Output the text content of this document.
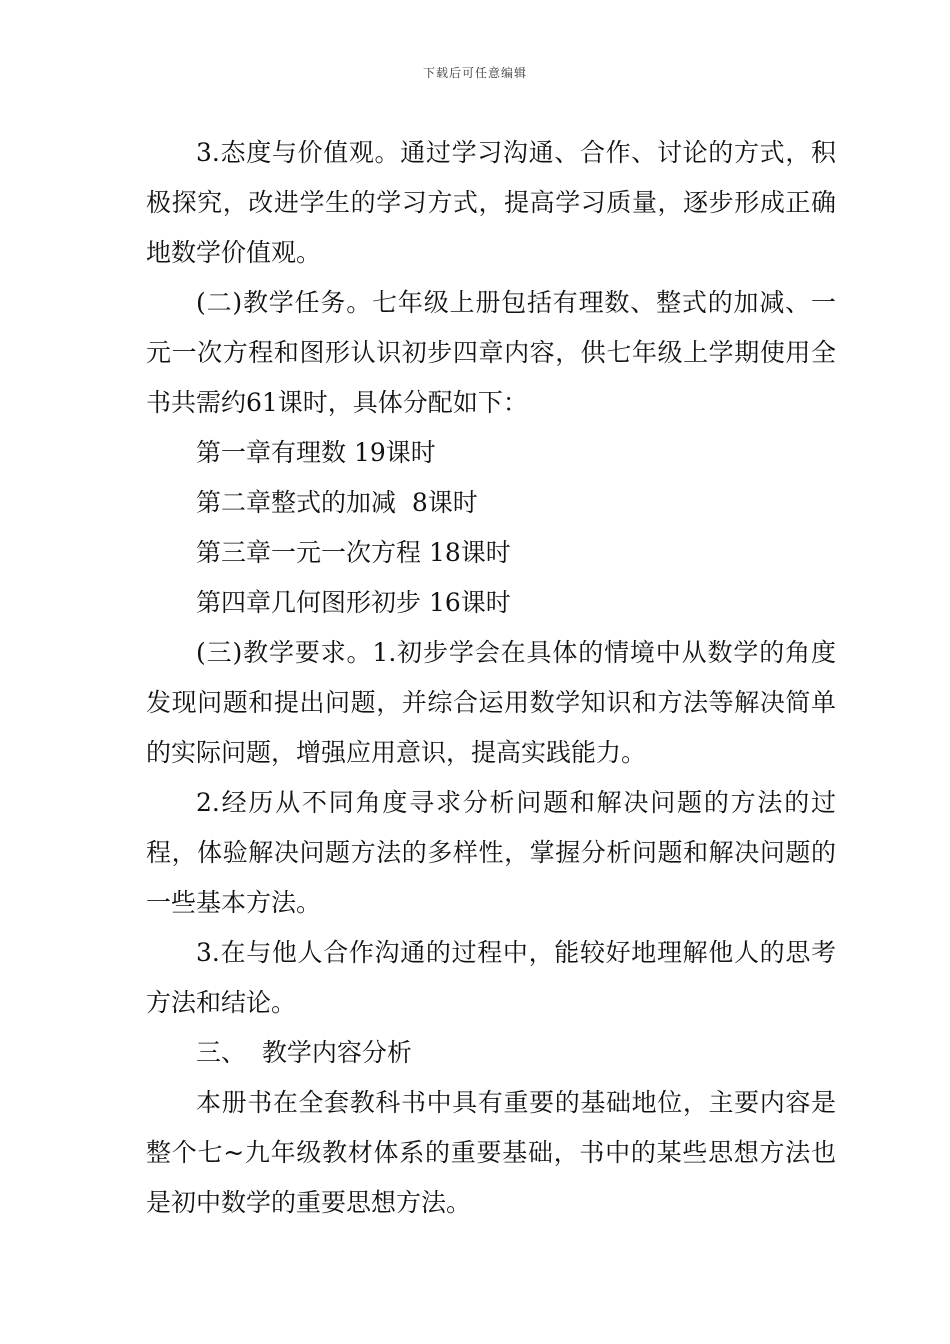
下载后可任意编辑

3.态度与价值观。通过学习沟通、合作、讨论的方式，积极探究，改进学生的学习方式，提高学习质量，逐步形成正确地数学价值观。

(二)教学任务。七年级上册包括有理数、整式的加减、一元一次方程和图形认识初步四章内容，供七年级上学期使用全书共需约61课时，具体分配如下：

第一章有理数 19课时

第二章整式的加减  8课时

第三章一元一次方程 18课时

第四章几何图形初步 16课时

(三)教学要求。1.初步学会在具体的情境中从数学的角度发现问题和提出问题，并综合运用数学知识和方法等解决简单的实际问题，增强应用意识，提高实践能力。

2.经历从不同角度寻求分析问题和解决问题的方法的过程，体验解决问题方法的多样性，掌握分析问题和解决问题的一些基本方法。

3.在与他人合作沟通的过程中，能较好地理解他人的思考方法和结论。

三、  教学内容分析

本册书在全套教科书中具有重要的基础地位，主要内容是整个七~九年级教材体系的重要基础，书中的某些思想方法也是初中数学的重要思想方法。
